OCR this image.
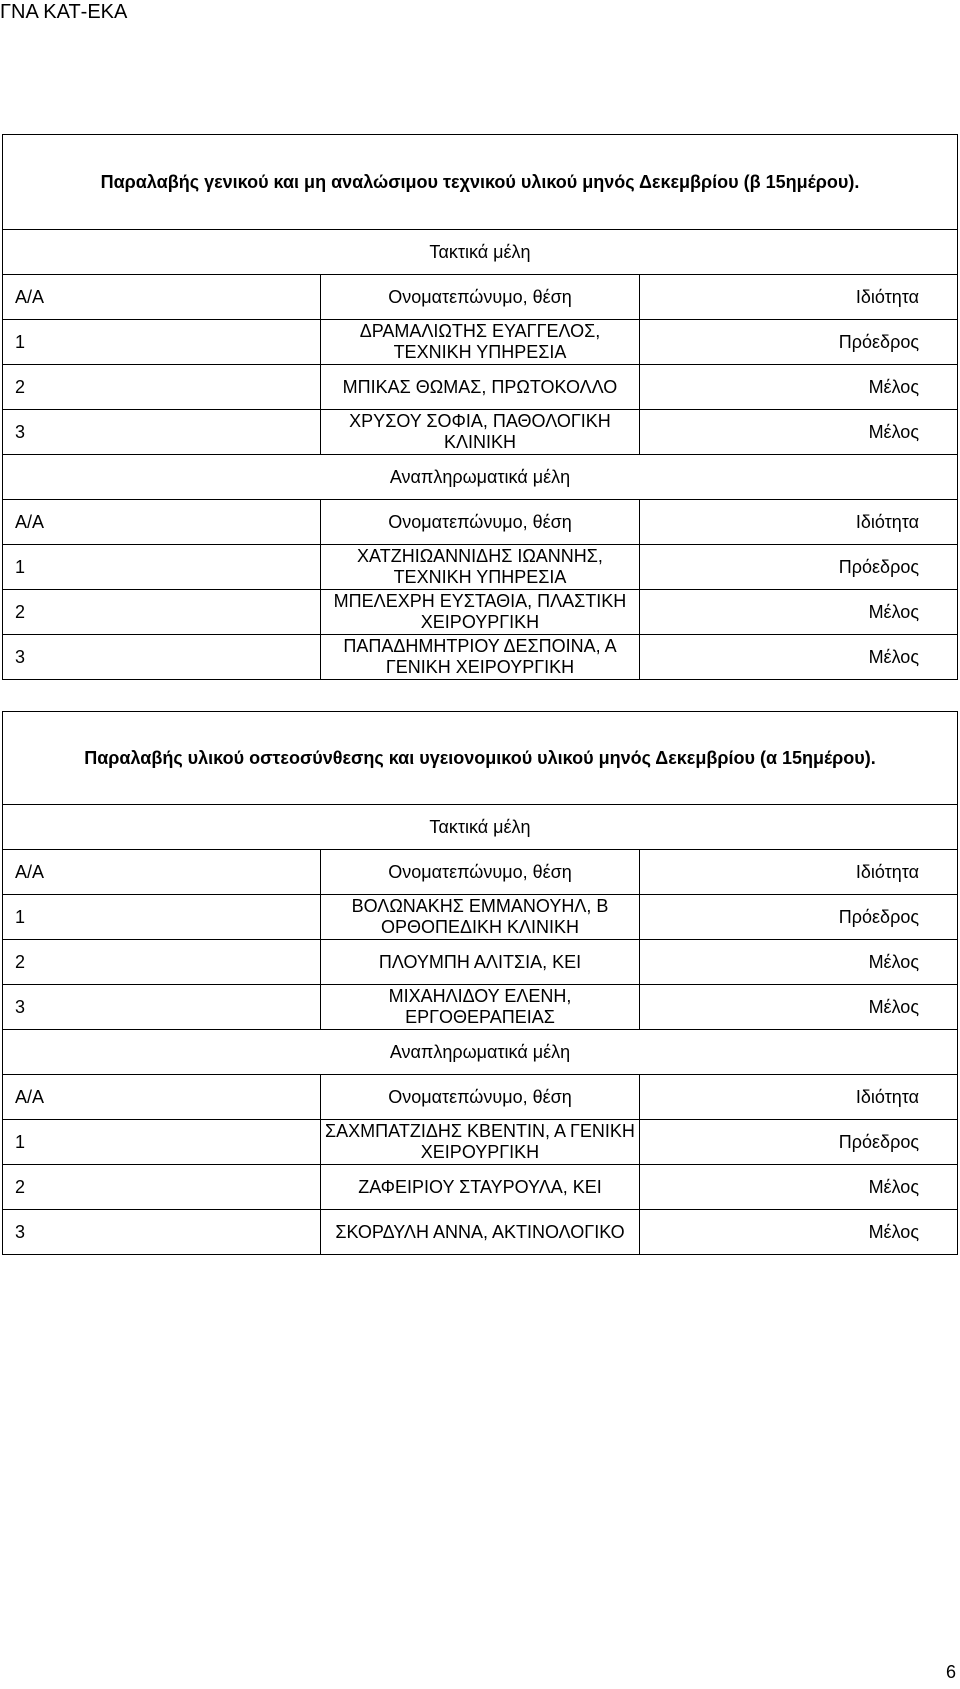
ΓΝΑ ΚΑΤ-ΕΚΑ
Παραλαβής γενικού και μη αναλώσιμου τεχνικού υλικού μηνός Δεκεμβρίου (β 15ημέρου).		
Τακτικά μέλη		
Α/Α	Ονοματεπώνυμο, θέση	Ιδιότητα
1	ΔΡΑΜΑΛΙΩΤΗΣ ΕΥΑΓΓΕΛΟΣ, ΤΕΧΝΙΚΗ ΥΠΗΡΕΣΙΑ	Πρόεδρος
2	ΜΠΙΚΑΣ ΘΩΜΑΣ, ΠΡΩΤΟΚΟΛΛΟ	Μέλος
3	ΧΡΥΣΟΥ ΣΟΦΙΑ, ΠΑΘΟΛΟΓΙΚΗ ΚΛΙΝΙΚΗ	Μέλος
Αναπληρωματικά μέλη		
Α/Α	Ονοματεπώνυμο, θέση	Ιδιότητα
1	ΧΑΤΖΗΙΩΑΝΝΙΔΗΣ ΙΩΑΝΝΗΣ, ΤΕΧΝΙΚΗ ΥΠΗΡΕΣΙΑ	Πρόεδρος
2	ΜΠΕΛΕΧΡΗ ΕΥΣΤΑΘΙΑ, ΠΛΑΣΤΙΚΗ ΧΕΙΡΟΥΡΓΙΚΗ	Μέλος
3	ΠΑΠΑΔΗΜΗΤΡΙΟΥ ΔΕΣΠΟΙΝΑ, Α ΓΕΝΙΚΗ ΧΕΙΡΟΥΡΓΙΚΗ	Μέλος
Παραλαβής υλικού οστεοσύνθεσης και υγειονομικού υλικού μηνός Δεκεμβρίου (α 15ημέρου).		
Τακτικά μέλη		
Α/Α	Ονοματεπώνυμο, θέση	Ιδιότητα
1	ΒΟΛΩΝΑΚΗΣ ΕΜΜΑΝΟΥΗΛ, Β ΟΡΘΟΠΕΔΙΚΗ ΚΛΙΝΙΚΗ	Πρόεδρος
2	ΠΛΟΥΜΠΗ ΑΛΙΤΣΙΑ, ΚΕΙ	Μέλος
3	ΜΙΧΑΗΛΙΔΟΥ ΕΛΕΝΗ, ΕΡΓΟΘΕΡΑΠΕΙΑΣ	Μέλος
Αναπληρωματικά μέλη		
Α/Α	Ονοματεπώνυμο, θέση	Ιδιότητα
1	ΣΑΧΜΠΑΤΖΙΔΗΣ ΚΒΕΝΤΙΝ, Α ΓΕΝΙΚΗ ΧΕΙΡΟΥΡΓΙΚΗ	Πρόεδρος
2	ΖΑΦΕΙΡΙΟΥ ΣΤΑΥΡΟΥΛΑ, ΚΕΙ	Μέλος
3	ΣΚΟΡΔΥΛΗ ΑΝΝΑ, ΑΚΤΙΝΟΛΟΓΙΚΟ	Μέλος
6
